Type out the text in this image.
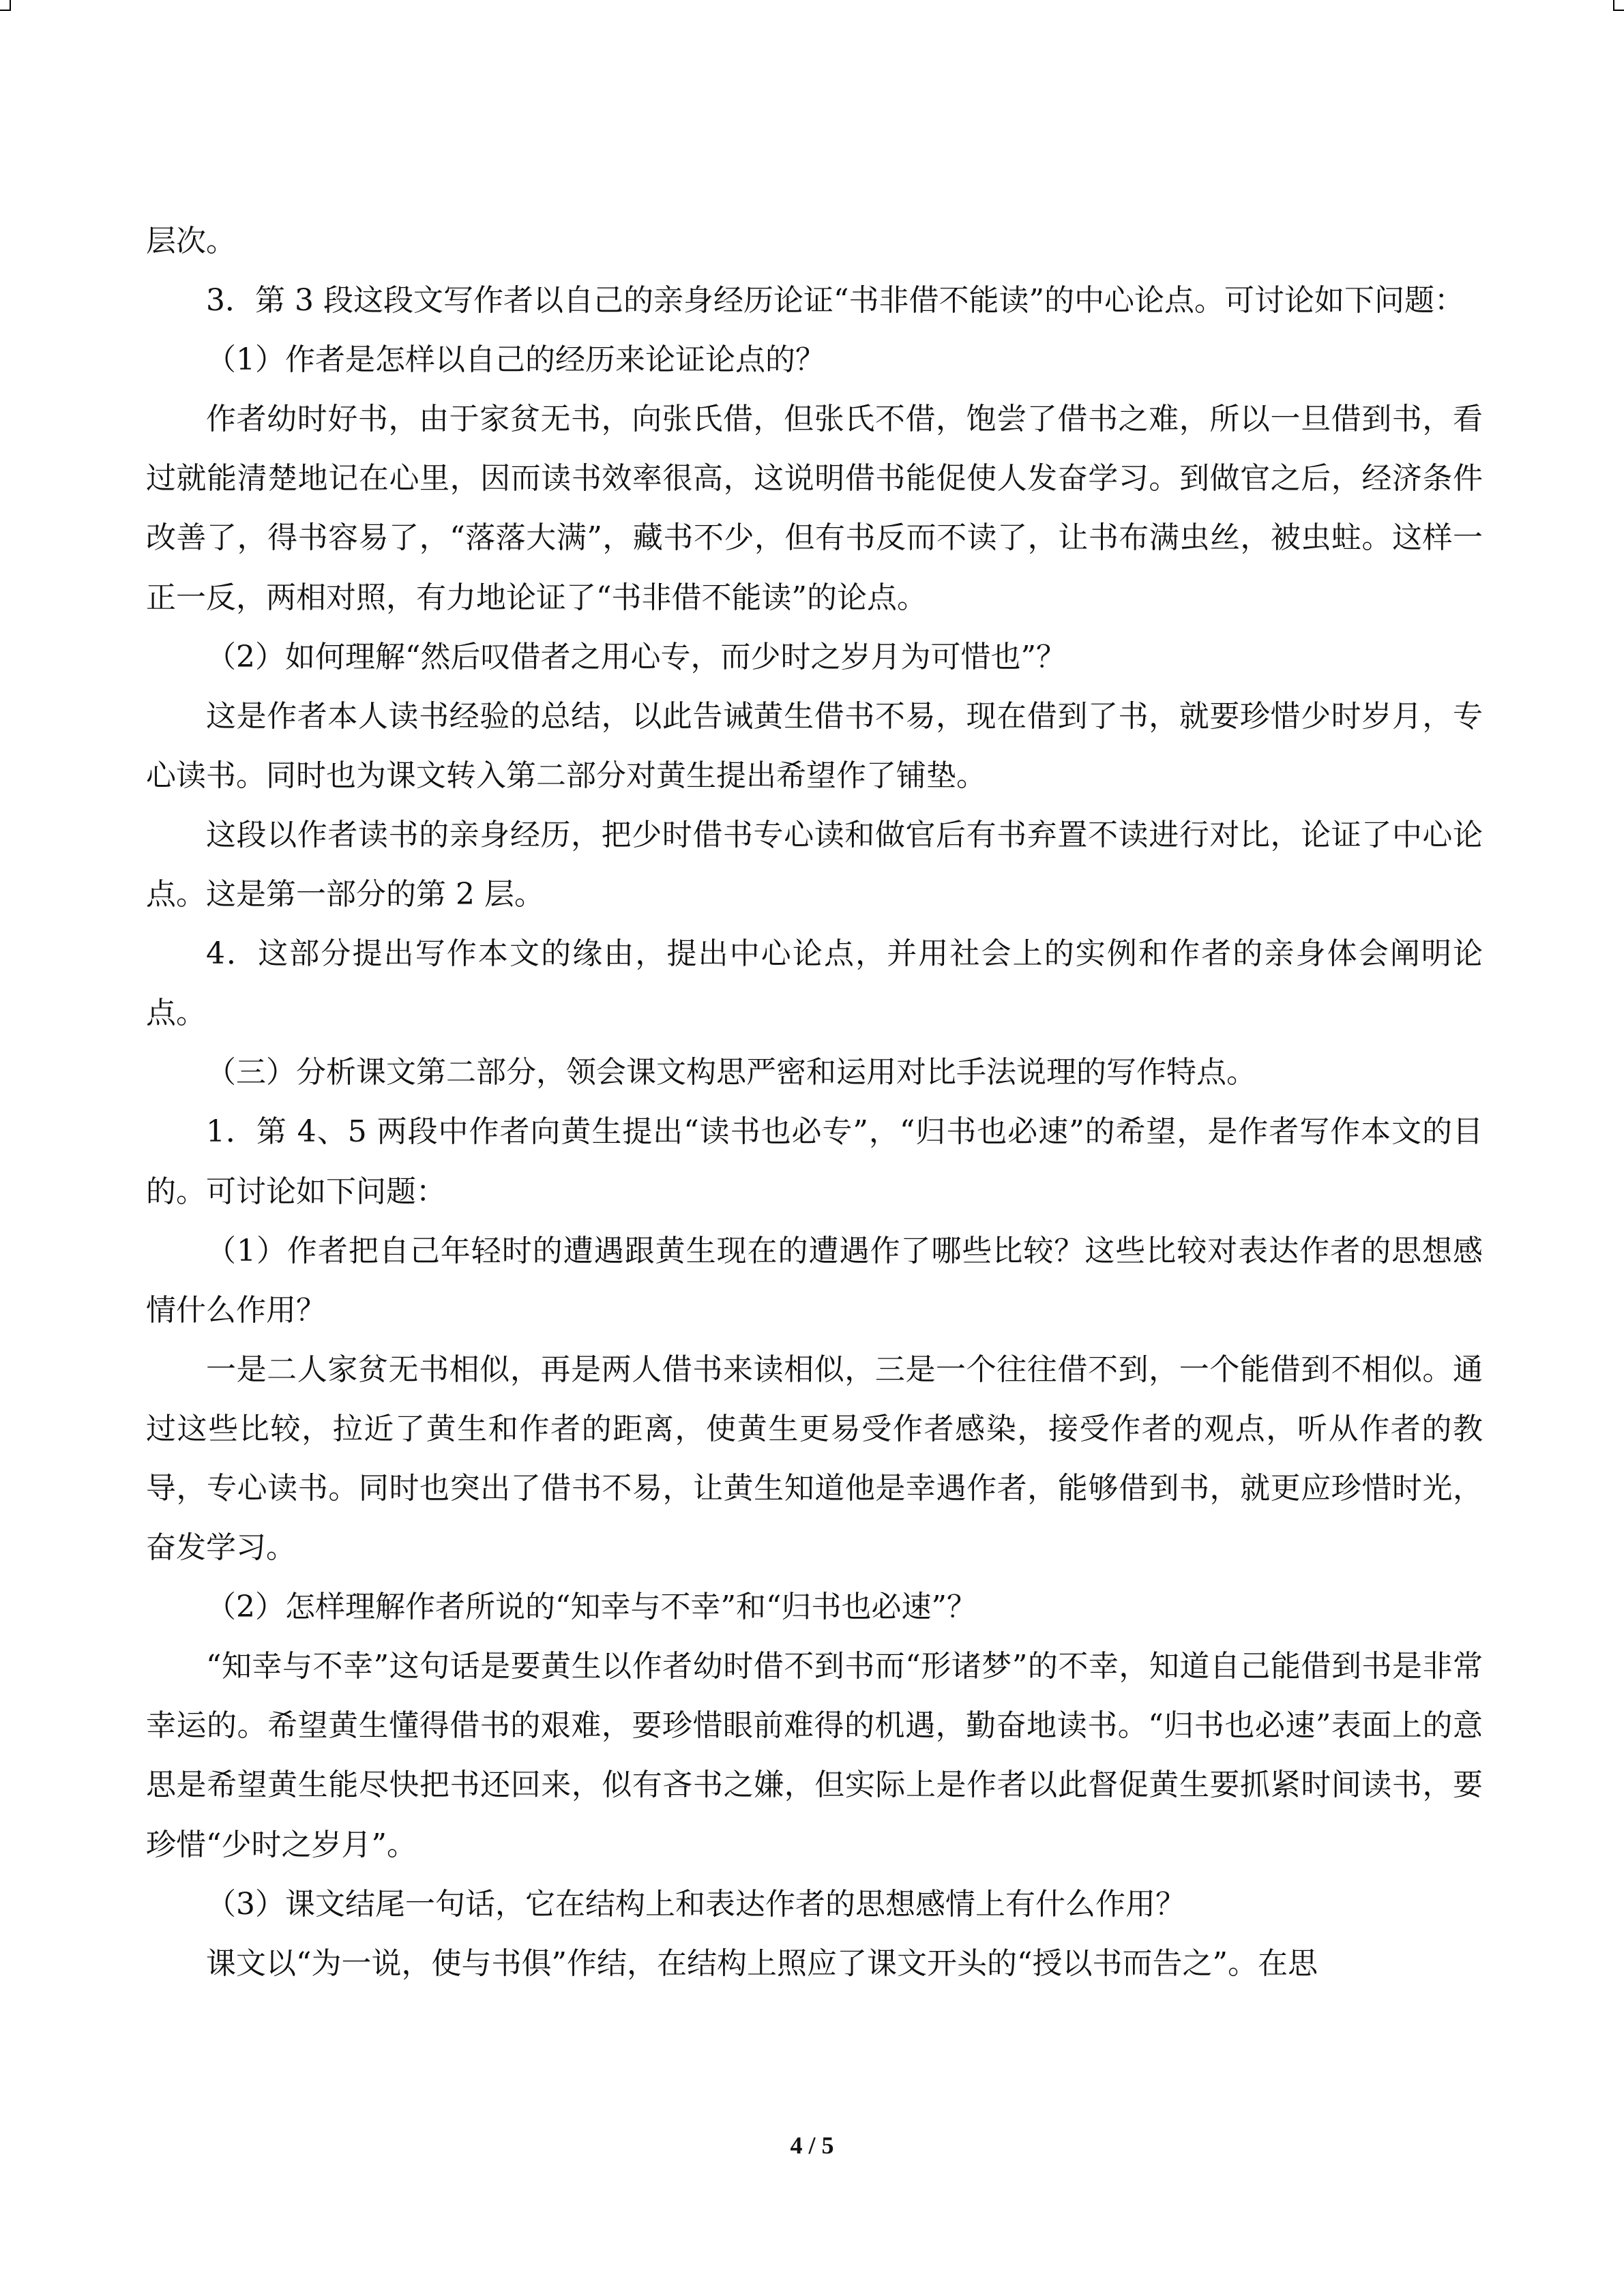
层次。

3．第 3 段这段文写作者以自己的亲身经历论证“书非借不能读”的中心论点。可讨论如下问题：

（1）作者是怎样以自己的经历来论证论点的？

作者幼时好书，由于家贫无书，向张氏借，但张氏不借，饱尝了借书之难，所以一旦借到书，看过就能清楚地记在心里，因而读书效率很高，这说明借书能促使人发奋学习。到做官之后，经济条件改善了，得书容易了，“落落大满”，藏书不少，但有书反而不读了，让书布满虫丝，被虫蛀。这样一正一反，两相对照，有力地论证了“书非借不能读”的论点。

（2）如何理解“然后叹借者之用心专，而少时之岁月为可惜也”？

这是作者本人读书经验的总结，以此告诫黄生借书不易，现在借到了书，就要珍惜少时岁月，专心读书。同时也为课文转入第二部分对黄生提出希望作了铺垫。

这段以作者读书的亲身经历，把少时借书专心读和做官后有书弃置不读进行对比，论证了中心论点。这是第一部分的第 2 层。

4．这部分提出写作本文的缘由，提出中心论点，并用社会上的实例和作者的亲身体会阐明论点。

（三）分析课文第二部分，领会课文构思严密和运用对比手法说理的写作特点。

1．第 4、5 两段中作者向黄生提出“读书也必专”，“归书也必速”的希望，是作者写作本文的目的。可讨论如下问题：

（1）作者把自己年轻时的遭遇跟黄生现在的遭遇作了哪些比较？这些比较对表达作者的思想感情什么作用？

一是二人家贫无书相似，再是两人借书来读相似，三是一个往往借不到，一个能借到不相似。通过这些比较，拉近了黄生和作者的距离，使黄生更易受作者感染，接受作者的观点，听从作者的教导，专心读书。同时也突出了借书不易，让黄生知道他是幸遇作者，能够借到书，就更应珍惜时光，奋发学习。

（2）怎样理解作者所说的“知幸与不幸”和“归书也必速”？

“知幸与不幸”这句话是要黄生以作者幼时借不到书而“形诸梦”的不幸，知道自己能借到书是非常幸运的。希望黄生懂得借书的艰难，要珍惜眼前难得的机遇，勤奋地读书。“归书也必速”表面上的意思是希望黄生能尽快把书还回来，似有吝书之嫌，但实际上是作者以此督促黄生要抓紧时间读书，要珍惜“少时之岁月”。

（3）课文结尾一句话，它在结构上和表达作者的思想感情上有什么作用？

课文以“为一说，使与书俱”作结，在结构上照应了课文开头的“授以书而告之”。在思

4 / 5
